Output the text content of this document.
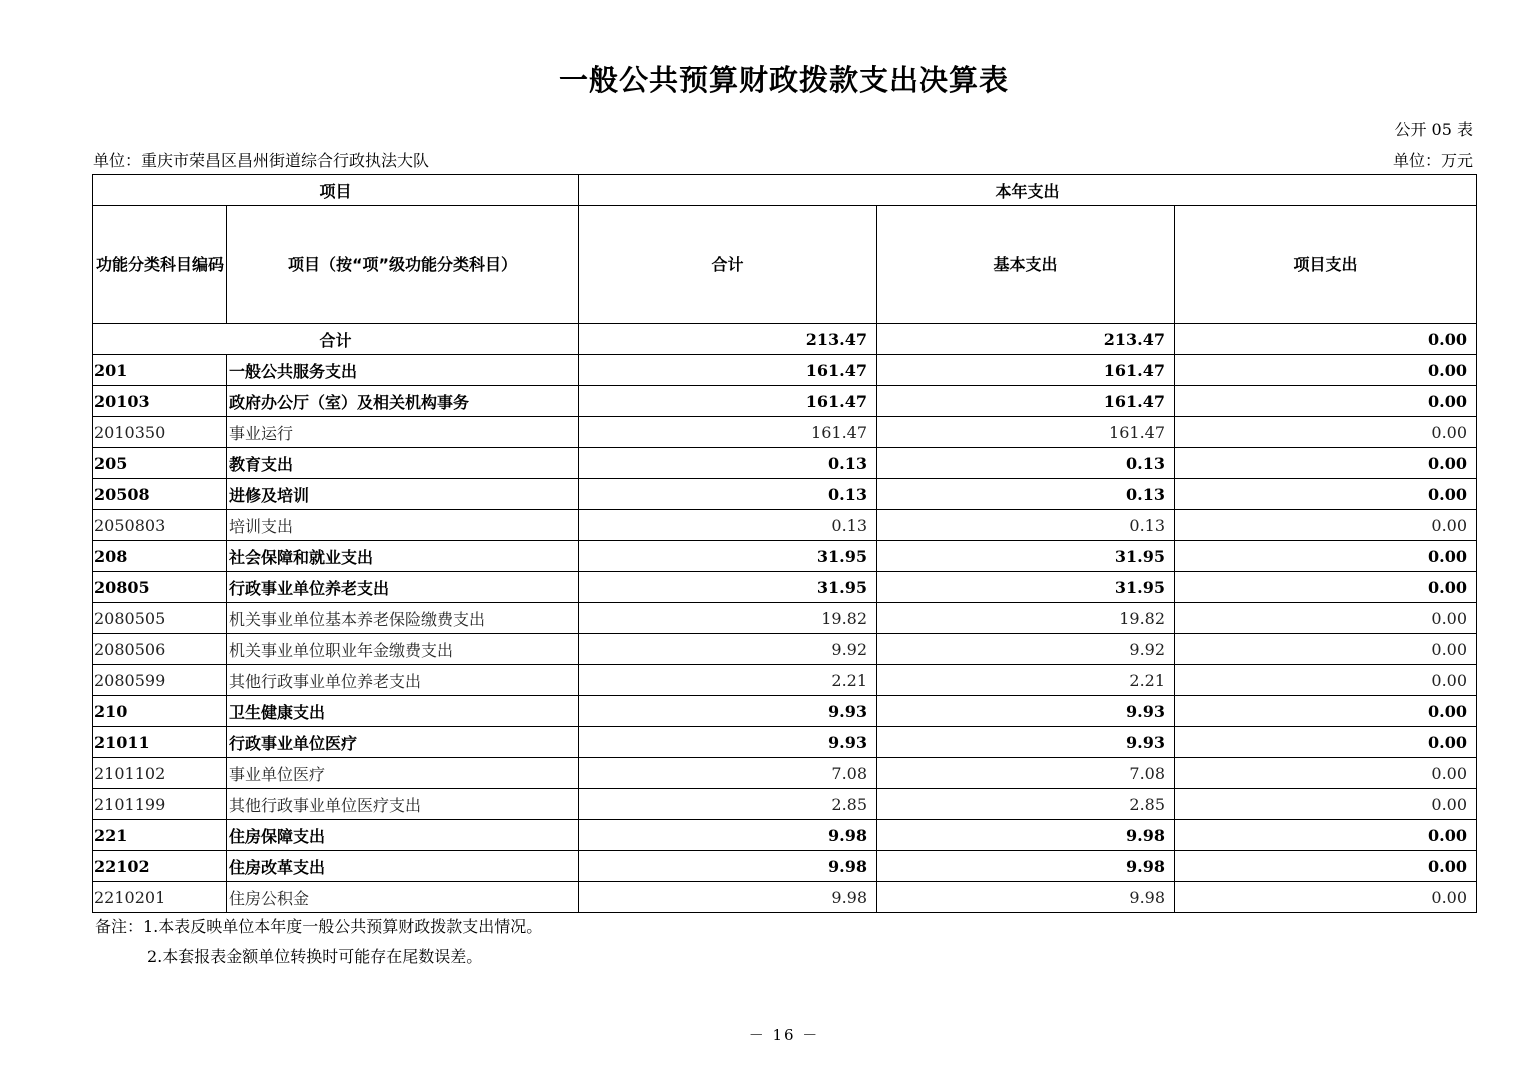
一般公共预算财政拨款支出决算表
公开 05 表
单位：重庆市荣昌区昌州街道综合行政执法大队	单位：万元
项目		本年支出		
功能分类科目编码	项目（按“项”级功能分类科目）	合计	基本支出	项目支出
合计		213.47	213.47	0.00
201	一般公共服务支出	161.47	161.47	0.00
20103	政府办公厅（室）及相关机构事务	161.47	161.47	0.00
2010350	事业运行	161.47	161.47	0.00
205	教育支出	0.13	0.13	0.00
20508	进修及培训	0.13	0.13	0.00
2050803	培训支出	0.13	0.13	0.00
208	社会保障和就业支出	31.95	31.95	0.00
20805	行政事业单位养老支出	31.95	31.95	0.00
2080505	机关事业单位基本养老保险缴费支出	19.82	19.82	0.00
2080506	机关事业单位职业年金缴费支出	9.92	9.92	0.00
2080599	其他行政事业单位养老支出	2.21	2.21	0.00
210	卫生健康支出	9.93	9.93	0.00
21011	行政事业单位医疗	9.93	9.93	0.00
2101102	事业单位医疗	7.08	7.08	0.00
2101199	其他行政事业单位医疗支出	2.85	2.85	0.00
221	住房保障支出	9.98	9.98	0.00
22102	住房改革支出	9.98	9.98	0.00
2210201	住房公积金	9.98	9.98	0.00
备注：1.本表反映单位本年度一般公共预算财政拨款支出情况。
2.本套报表金额单位转换时可能存在尾数误差。
－ 16 －
